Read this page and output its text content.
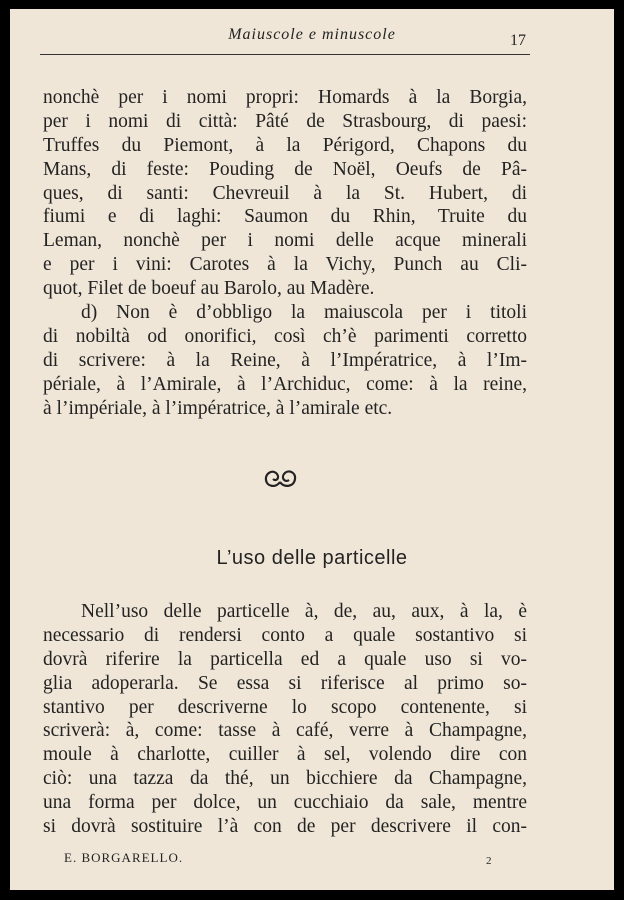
Maiuscole e minuscole	17
nonchè per i nomi propri: Homards à la Borgia,
per i nomi di città: Pâté de Strasbourg, di paesi:
Truffes du Piemont, à la Périgord, Chapons du
Mans, di feste: Pouding de Noël, Oeufs de Pâ-
ques, di santi: Chevreuil à la St. Hubert, di
fiumi e di laghi: Saumon du Rhin, Truite du
Leman, nonchè per i nomi delle acque minerali
e per i vini: Carotes à la Vichy, Punch au Cli-
quot, Filet de boeuf au Barolo, au Madère.
d) Non è d’obbligo la maiuscola per i titoli
di nobiltà od onorifici, così ch’è parimenti corretto
di scrivere: à la Reine, à l’Impératrice, à l’Im-
périale, à l’Amirale, à l’Archiduc, come: à la reine,
à l’impériale, à l’impératrice, à l’amirale etc.
L’uso delle particelle
Nell’uso delle particelle à, de, au, aux, à la, è
necessario di rendersi conto a quale sostantivo si
dovrà riferire la particella ed a quale uso si vo-
glia adoperarla. Se essa si riferisce al primo so-
stantivo per descriverne lo scopo contenente, si
scriverà: à, come: tasse à café, verre à Champagne,
moule à charlotte, cuiller à sel, volendo dire con
ciò: una tazza da thé, un bicchiere da Champagne,
una forma per dolce, un cucchiaio da sale, mentre
si dovrà sostituire l’à con de per descrivere il con-
E. BORGARELLO.	2
